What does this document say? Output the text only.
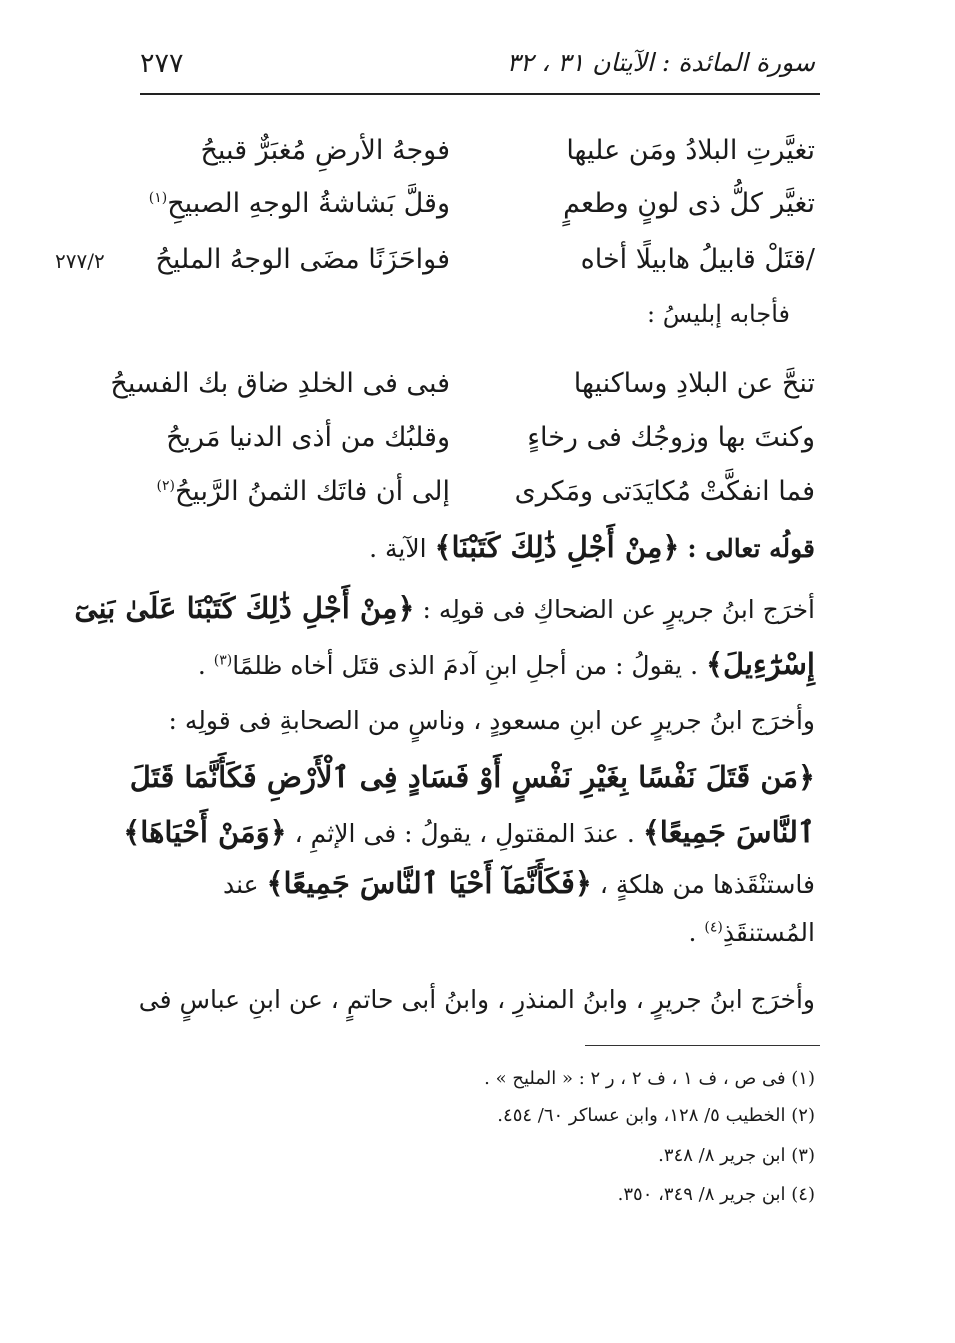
٢٧٧	سورة المائدة : الآيتان ٣١ ، ٣٢
تغيَّرتِ البلادُ ومَن عليها
فوجهُ الأرضِ مُغبَرٌّ قبيحُ
تغيَّر كلُّ ذى لونٍ وطعمٍ
وقلَّ بَشاشةُ الوجهِ الصبيحِ$^{(١)}$
/قتَلْ قابيلُ هابيلًا أخاه
فواحَزَنًا مضَى الوجهُ المليحُ
٢٧٧/٢
فأجابه إبليسُ :
تنحَّ عن البلادِ وساكنيها
فبى فى الخلدِ ضاق بك الفسيحُ
وكنتَ بها وزوجُك فى رخاءٍ
وقلبُك من أذى الدنيا مَريحُ
فما انفكَّتْ مُكايَدَتى ومَكرى
إلى أن فاتَك الثمنُ الرَّبيحُ$^{(٢)}$
قولُه تعالى : ﴿مِنْ أَجْلِ ذَٰلِكَ كَتَبْنَا﴾ الآية .
أخرَج ابنُ جريرٍ عن الضحاكِ فى قولِه : ﴿مِنْ أَجْلِ ذَٰلِكَ كَتَبْنَا عَلَىٰ بَنِىٓ
إِسْرَٰٓءِيلَ﴾ . يقولُ : من أجلِ ابنِ آدمَ الذى قتَل أخاه ظلمًا$^{(٣)}$ .
وأخرَج ابنُ جريرٍ عن ابنِ مسعودٍ ، وناسٍ من الصحابةِ فى قولِه :
﴿مَن قَتَلَ نَفْسًا بِغَيْرِ نَفْسٍ أَوْ فَسَادٍ فِى ٱلْأَرْضِ فَكَأَنَّمَا قَتَلَ
ٱلنَّاسَ جَمِيعًا﴾ . عندَ المقتولِ ، يقولُ : فى الإثمِ ، ﴿وَمَنْ أَحْيَاهَا﴾
فاستنْقَذها من هلكةٍ ، ﴿فَكَأَنَّمَآ أَحْيَا ٱلنَّاسَ جَمِيعًا﴾ عند
المُستنقَذِ$^{(٤)}$ .
وأخرَج ابنُ جريرٍ ، وابنُ المنذرِ ، وابنُ أبى حاتمٍ ، عن ابنِ عباسٍ فى
(١) فى ص ، ف ١ ، ف ٢ ، ر ٢ : « المليح » .
(٢) الخطيب ٥/ ١٢٨، وابن عساكر ٦٠/ ٤٥٤.
(٣) ابن جرير ٨/ ٣٤٨.
(٤) ابن جرير ٨/ ٣٤٩، ٣٥٠.
